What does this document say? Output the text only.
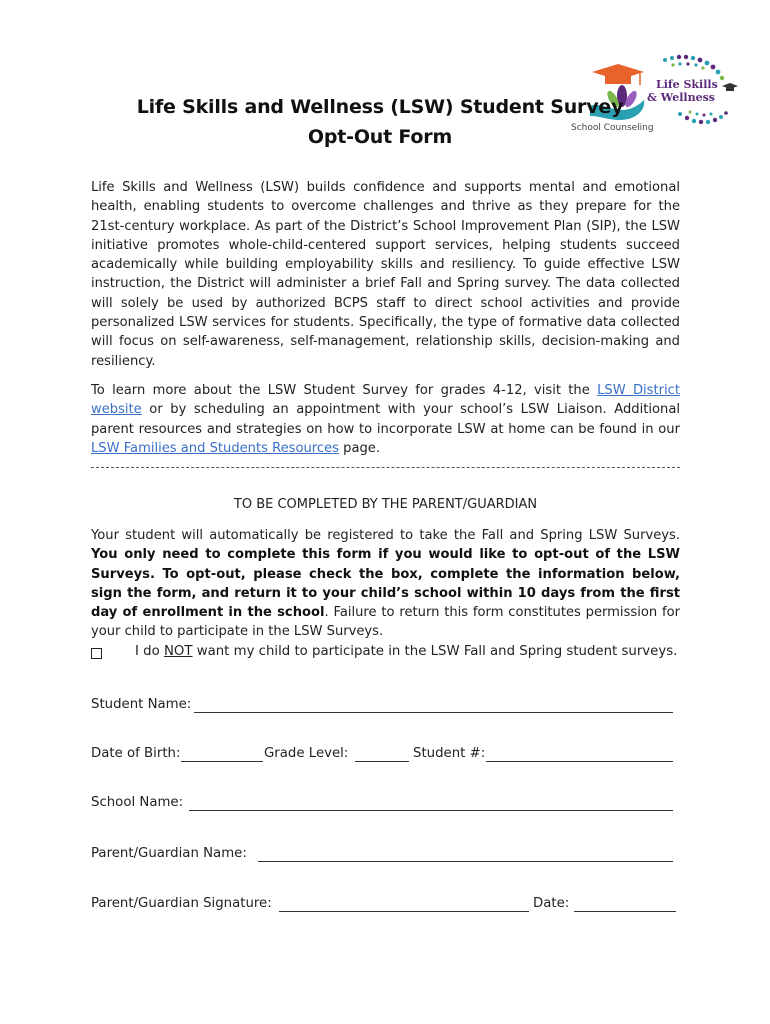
Life Skills
& Wellness
School Counseling
Life Skills and Wellness (LSW) Student Survey
Opt-Out Form
Life Skills and Wellness (LSW) builds confidence and supports mental and emotional health, enabling students to overcome challenges and thrive as they prepare for the 21st-century workplace. As part of the District’s School Improvement Plan (SIP), the LSW initiative promotes whole-child-centered support services, helping students succeed academically while building employability skills and resiliency. To guide effective LSW instruction, the District will administer a brief Fall and Spring survey. The data collected will solely be used by authorized BCPS staff to direct school activities and provide personalized LSW services for students. Specifically, the type of formative data collected will focus on self-awareness, self-management, relationship skills, decision-making and resiliency.
To learn more about the LSW Student Survey for grades 4-12, visit the LSW District website or by scheduling an appointment with your school’s LSW Liaison. Additional parent resources and strategies on how to incorporate LSW at home can be found in our LSW Families and Students Resources page.
TO BE COMPLETED BY THE PARENT/GUARDIAN
Your student will automatically be registered to take the Fall and Spring LSW Surveys. You only need to complete this form if you would like to opt-out of the LSW Surveys. To opt-out, please check the box, complete the information below, sign the form, and return it to your child’s school within 10 days from the first day of enrollment in the school. Failure to return this form constitutes permission for your child to participate in the LSW Surveys.
I do NOT want my child to participate in the LSW Fall and Spring student surveys.
Student Name:
Date of Birth:	Grade Level:	Student #:
School Name:
Parent/Guardian Name:
Parent/Guardian Signature:	Date:
